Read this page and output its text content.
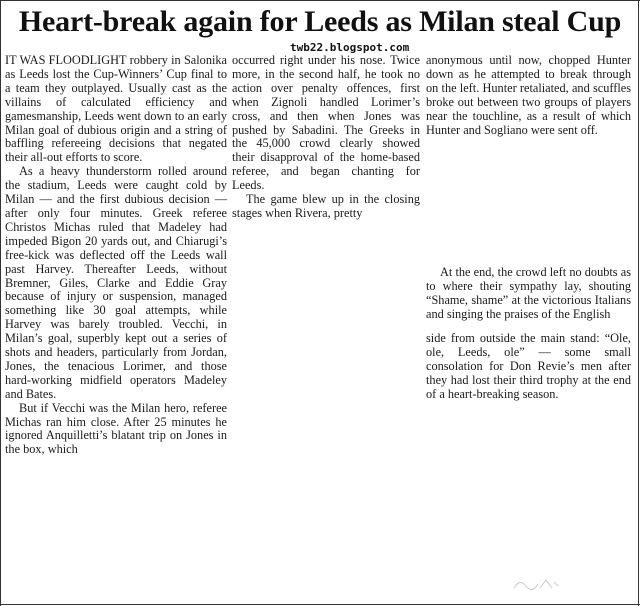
Heart-break again for Leeds as Milan steal Cup
twb22.blogspot.com

IT WAS FLOODLIGHT robbery in Salonika as Leeds lost the Cup-Winners’ Cup final to a team they outplayed. Usually cast as the villains of calculated efficiency and gamesmanship, Leeds went down to an early Milan goal of dubious origin and a string of baffling refereeing decisions that negated their all-out efforts to score.

As a heavy thunderstorm rolled around the stadium, Leeds were caught cold by Milan — and the first dubious decision — after only four minutes. Greek referee Christos Michas ruled that Madeley had impeded Bigon 20 yards out, and Chiarugi’s free-kick was deflected off the Leeds wall past Harvey. Thereafter Leeds, without Bremner, Giles, Clarke and Eddie Gray because of injury or suspension, managed something like 30 goal attempts, while Harvey was barely troubled. Vecchi, in Milan’s goal, superbly kept out a series of shots and headers, particularly from Jordan, Jones, the tenacious Lorimer, and those hard-working midfield operators Madeley and Bates.

But if Vecchi was the Milan hero, referee Michas ran him close. After 25 minutes he ignored Anquilletti’s blatant trip on Jones in the box, which

occurred right under his nose. Twice more, in the second half, he took no action over penalty offences, first when Zignoli handled Lorimer’s cross, and then when Jones was pushed by Sabadini. The Greeks in the 45,000 crowd clearly showed their disapproval of the home-based referee, and began chanting for Leeds.

The game blew up in the closing stages when Rivera, pretty

anonymous until now, chopped Hunter down as he attempted to break through on the left. Hunter retaliated, and scuffles broke out between two groups of players near the touchline, as a result of which Hunter and Sogliano were sent off.

At the end, the crowd left no doubts as to where their sympathy lay, shouting “Shame, shame” at the victorious Italians and singing the praises of the English

side from outside the main stand: “Ole, ole, Leeds, ole” — some small consolation for Don Revie’s men after they had lost their third trophy at the end of a heart-breaking season.
